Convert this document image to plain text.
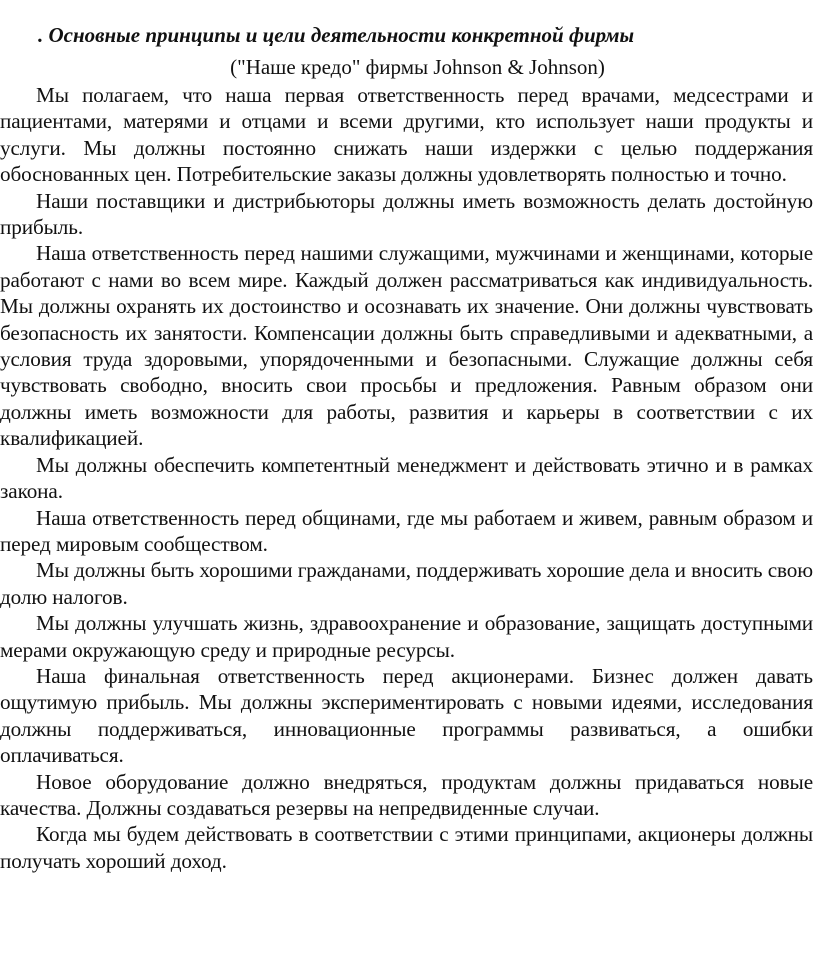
. Основные принципы и цели деятельности конкретной фирмы

("Наше кредо" фирмы Johnson & Johnson)

Мы полагаем, что наша первая ответственность перед врачами, медсестрами и пациентами, матерями и отцами и всеми другими, кто использует наши продукты и услуги. Мы должны постоянно снижать наши издержки с целью поддержания обоснованных цен. Потребительские заказы должны удовлетворять полностью и точно.

Наши поставщики и дистрибьюторы должны иметь возможность делать достойную прибыль.

Наша ответственность перед нашими служащими, мужчинами и женщинами, которые работают с нами во всем мире. Каждый должен рассматриваться как индивидуальность. Мы должны охранять их достоинство и осознавать их значение. Они должны чувствовать безопасность их занятости. Компенсации должны быть справедливыми и адекватными, а условия труда здоровыми, упорядоченными и безопасными. Служащие должны себя чувствовать свободно, вносить свои просьбы и предложения. Равным образом они должны иметь возможности для работы, развития и карьеры в соответствии с их квалификацией.

Мы должны обеспечить компетентный менеджмент и действовать этично и в рамках закона.

Наша ответственность перед общинами, где мы работаем и живем, равным образом и перед мировым сообществом.

Мы должны быть хорошими гражданами, поддерживать хорошие дела и вносить свою долю налогов.

Мы должны улучшать жизнь, здравоохранение и образование, защищать доступными мерами окружающую среду и природные ресурсы.

Наша финальная ответственность перед акционерами. Бизнес должен давать ощутимую прибыль. Мы должны экспериментировать с новыми идеями, исследования должны поддерживаться, инновационные программы развиваться, а ошибки оплачиваться.

Новое оборудование должно внедряться, продуктам должны придаваться новые качества. Должны создаваться резервы на непредвиденные случаи.

Когда мы будем действовать в соответствии с этими принципами, акционеры должны получать хороший доход.
